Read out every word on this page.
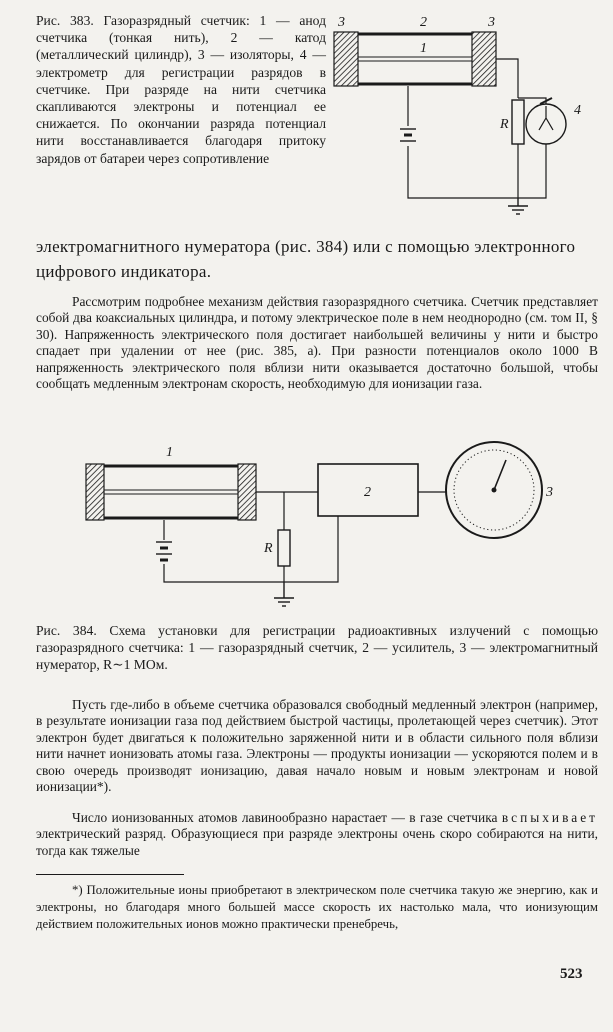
Рис. 383. Газоразрядный счетчик: 1 — анод счетчика (тонкая нить), 2 — катод (металлический цилиндр), 3 — изоляторы, 4 — электрометр для регистрации разрядов в счетчике. При разряде на нити счетчика скапливаются электроны и потенциал ее снижается. По окончании разряда потенциал нити восстанавливается благодаря притоку зарядов от батареи через сопротивление
3	2	3
1
R
4
электромагнитного нумератора (рис. 384) или с помощью электронного цифрового индикатора.

Рассмотрим подробнее механизм действия газоразрядного счетчика. Счетчик представляет собой два коаксиальных цилиндра, и потому электрическое поле в нем неоднородно (см. том II, § 30). Напряженность электрического поля достигает наибольшей величины у нити и быстро спадает при удалении от нее (рис. 385, а). При разности потенциалов около 1000 В напряженность электрического поля вблизи нити оказывается достаточно большой, чтобы сообщать медленным электронам скорость, необходимую для ионизации газа.

1
R
2	3

Рис. 384. Схема установки для регистрации радиоактивных излучений с помощью газоразрядного счетчика: 1 — газоразрядный счетчик, 2 — усилитель, 3 — электромагнитный нумератор, R∼1 МОм.

Пусть где-либо в объеме счетчика образовался свободный медленный электрон (например, в результате ионизации газа под действием быстрой частицы, пролетающей через счетчик). Этот электрон будет двигаться к положительно заряженной нити и в области сильного поля вблизи нити начнет ионизовать атомы газа. Электроны — продукты ионизации — ускоряются полем и в свою очередь производят ионизацию, давая начало новым и новым электронам и новой ионизации*).

Число ионизованных атомов лавинообразно нарастает — в газе счетчика вспыхивает электрический разряд. Образующиеся при разряде электроны очень скоро собираются на нити, тогда как тяжелые

*) Положительные ионы приобретают в электрическом поле счетчика такую же энергию, как и электроны, но благодаря много большей массе скорость их настолько мала, что ионизующим действием положительных ионов можно практически пренебречь,

523
